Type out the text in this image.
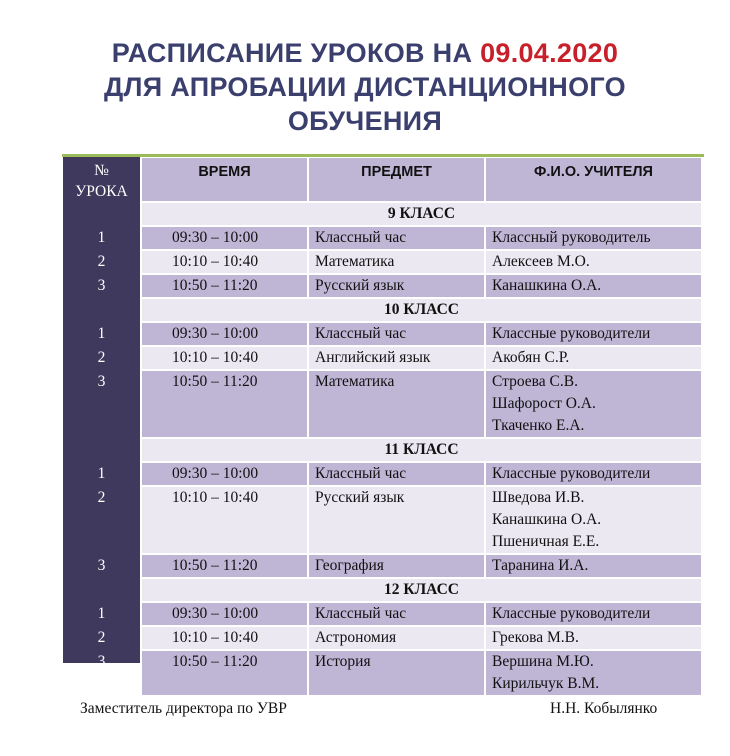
РАСПИСАНИЕ УРОКОВ НА 09.04.2020
ДЛЯ АПРОБАЦИИ ДИСТАНЦИОННОГО
ОБУЧЕНИЯ
№
УРОКА
ВРЕМЯ	ПРЕДМЕТ	Ф.И.О. УЧИТЕЛЯ
9 КЛАСС
1	09:30 – 10:00	Классный час	Классный руководитель
2	10:10 – 10:40	Математика	Алексеев М.О.
3	10:50 – 11:20	Русский язык	Канашкина О.А.
10 КЛАСС
1	09:30 – 10:00	Классный час	Классные руководители
2	10:10 – 10:40	Английский язык	Акобян С.Р.
3	10:50 – 11:20	Математика	Строева С.В.
Шафорост О.А.
Ткаченко Е.А.
11 КЛАСС
1	09:30 – 10:00	Классный час	Классные руководители
2	10:10 – 10:40	Русский язык	Шведова И.В.
Канашкина О.А.
Пшеничная Е.Е.
3	10:50 – 11:20	География	Таранина И.А.
12 КЛАСС
1	09:30 – 10:00	Классный час	Классные руководители
2	10:10 – 10:40	Астрономия	Грекова М.В.
3	10:50 – 11:20	История	Вершина М.Ю.
Кирильчук В.М.
Заместитель директора по УВР	Н.Н. Кобылянко
